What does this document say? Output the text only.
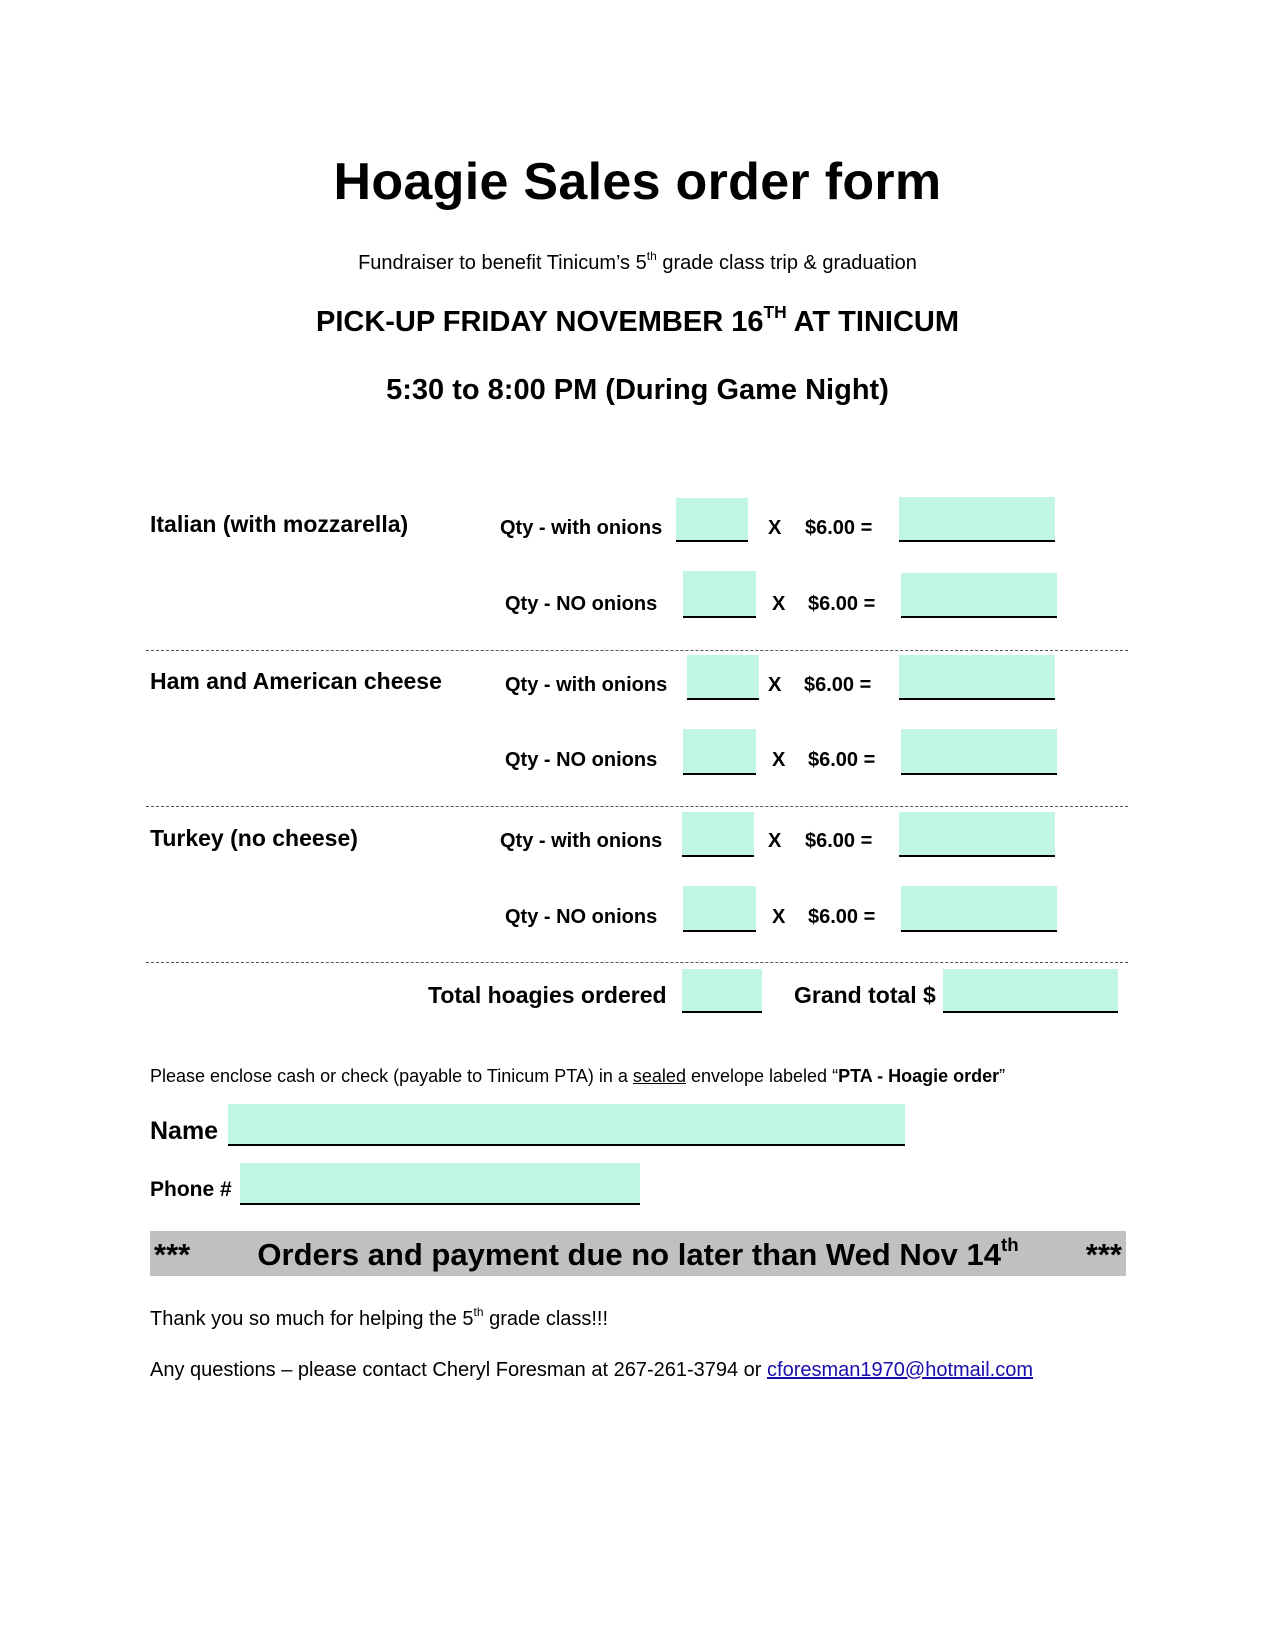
Hoagie Sales order form
Fundraiser to benefit Tinicum’s 5th grade class trip & graduation
PICK-UP FRIDAY NOVEMBER 16TH AT TINICUM
5:30 to 8:00 PM (During Game Night)
Italian (with mozzarella)	Qty - with onions	X $6.00 =
Qty - NO onions	X $6.00 =
Ham and American cheese	Qty - with onions	X $6.00 =
Qty - NO onions	X $6.00 =
Turkey (no cheese)	Qty - with onions	X $6.00 =
Qty - NO onions	X $6.00 =
Total hoagies ordered	Grand total $
Please enclose cash or check (payable to Tinicum PTA) in a sealed envelope labeled “PTA - Hoagie order”
Name
Phone #
*** Orders and payment due no later than Wed Nov 14th ***
Thank you so much for helping the 5th grade class!!!
Any questions – please contact Cheryl Foresman at 267-261-3794 or cforesman1970@hotmail.com
